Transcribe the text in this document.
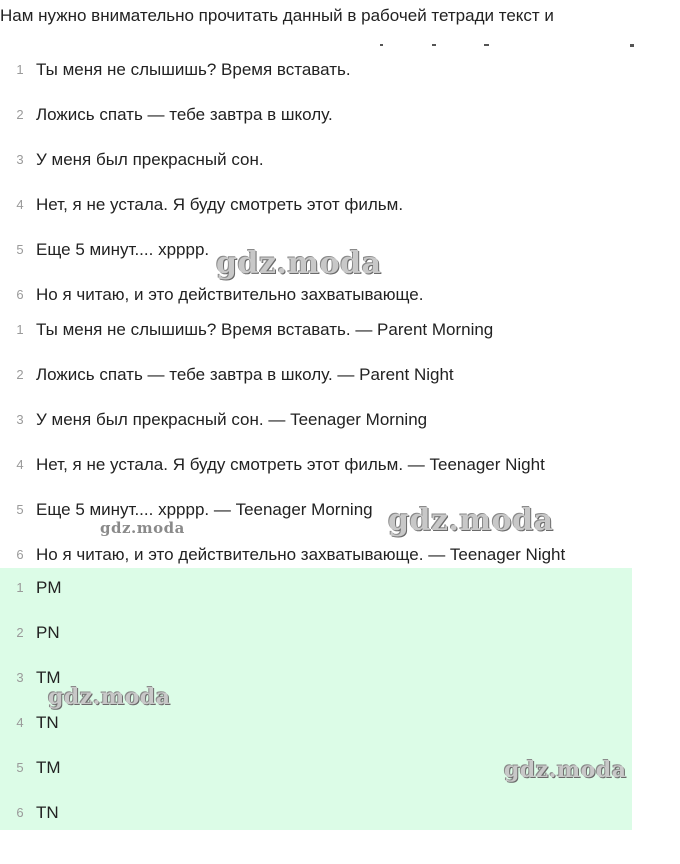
Нам нужно внимательно прочитать данный в рабочей тетради текст и
1 Ты меня не слышишь? Время вставать.
2 Ложись спать — тебе завтра в школу.
3 У меня был прекрасный сон.
4 Нет, я не устала. Я буду смотреть этот фильм.
5 Еще 5 минут.... хрррр.
6 Но я читаю, и это действительно захватывающе.
1 Ты меня не слышишь? Время вставать. — Parent Morning
2 Ложись спать — тебе завтра в школу. — Parent Night
3 У меня был прекрасный сон. — Teenager Morning
4 Нет, я не устала. Я буду смотреть этот фильм. — Teenager Night
5 Еще 5 минут.... хрррр. — Teenager Morning
6 Но я читаю, и это действительно захватывающе. — Teenager Night
1 PM
2 PN
3 TM
4 TN
5 TM
6 TN
gdz.moda
gdz.moda
gdz.moda
gdz.moda
gdz.moda
